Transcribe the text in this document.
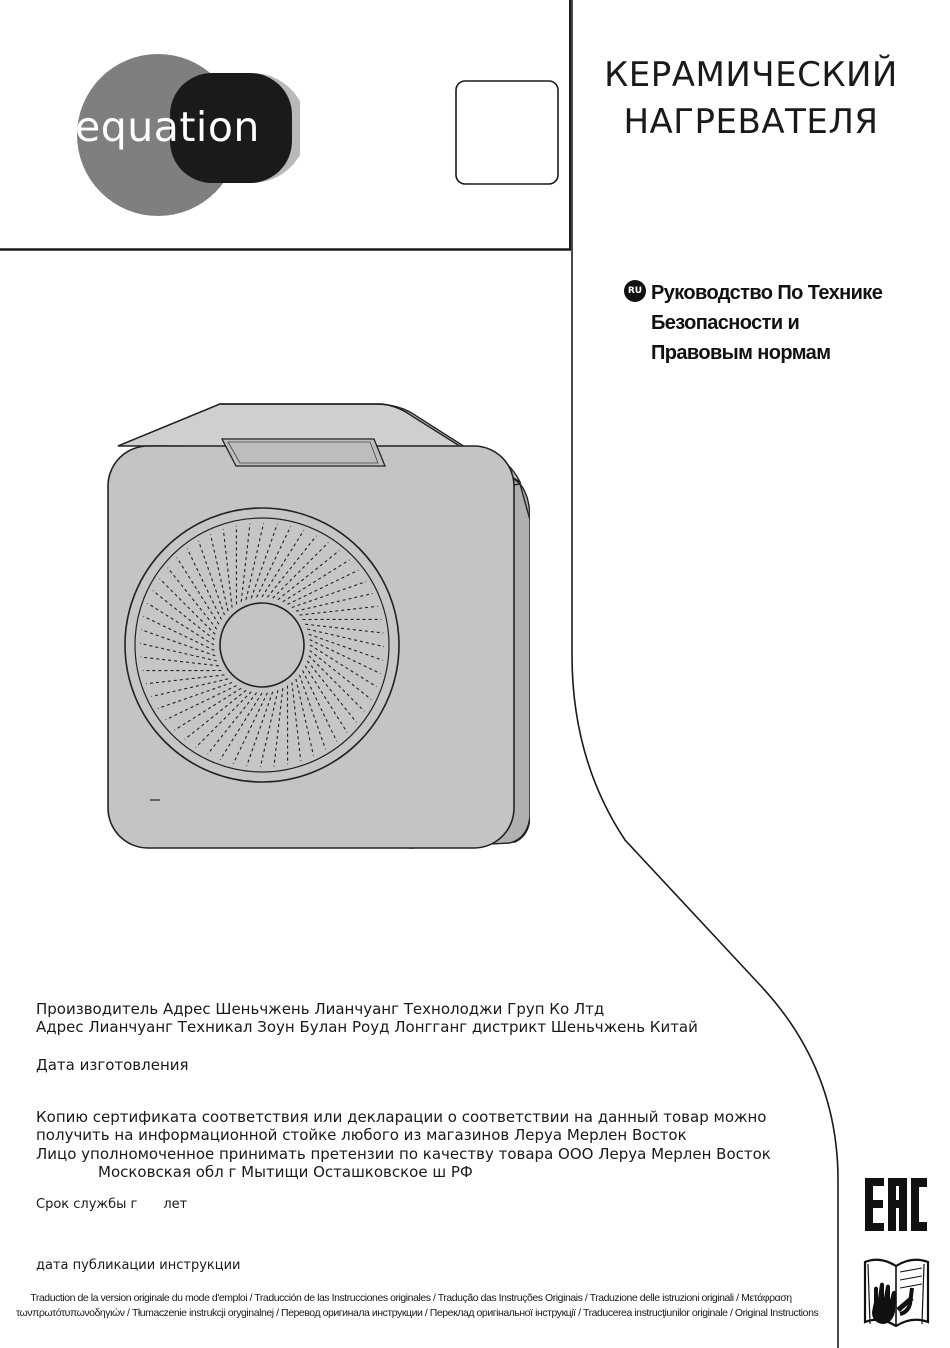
equation
КЕРАМИЧЕСКИЙ
НАГРЕВАТЕЛЯ
RU Руководство По Технике
Безопасности и
Правовым нормам
Производитель Адрес Шеньчжень Лианчуанг Технолоджи Груп Ко Лтд
Адрес Лианчуанг Техникал Зоун Булан Роуд Лонгганг дистрикт Шеньчжень Китай
Дата изготовления
Копию сертификата соответствия или декларации о соответствии на данный товар можно
получить на информационной стойке любого из магазинов Леруа Мерлен Восток
Лицо уполномоченное принимать претензии по качеству товара ООО Леруа Мерлен Восток
Московская обл г Мытищи Осташковское ш РФ
Срок службы г лет
дата публикации инструкции
Traduction de la version originale du mode d'emploi / Traducción de las Instrucciones originales / Tradução das Instruções Originais / Traduzione delle istruzioni originali / Μετάφραση
τωνπρωτότυπωνοδηγιών / Tłumaczenie instrukcji oryginalnej / Перевод оригинала инструкции / Переклад оригінальної інструкції / Traducerea instrucţiunilor originale / Original Instructions
